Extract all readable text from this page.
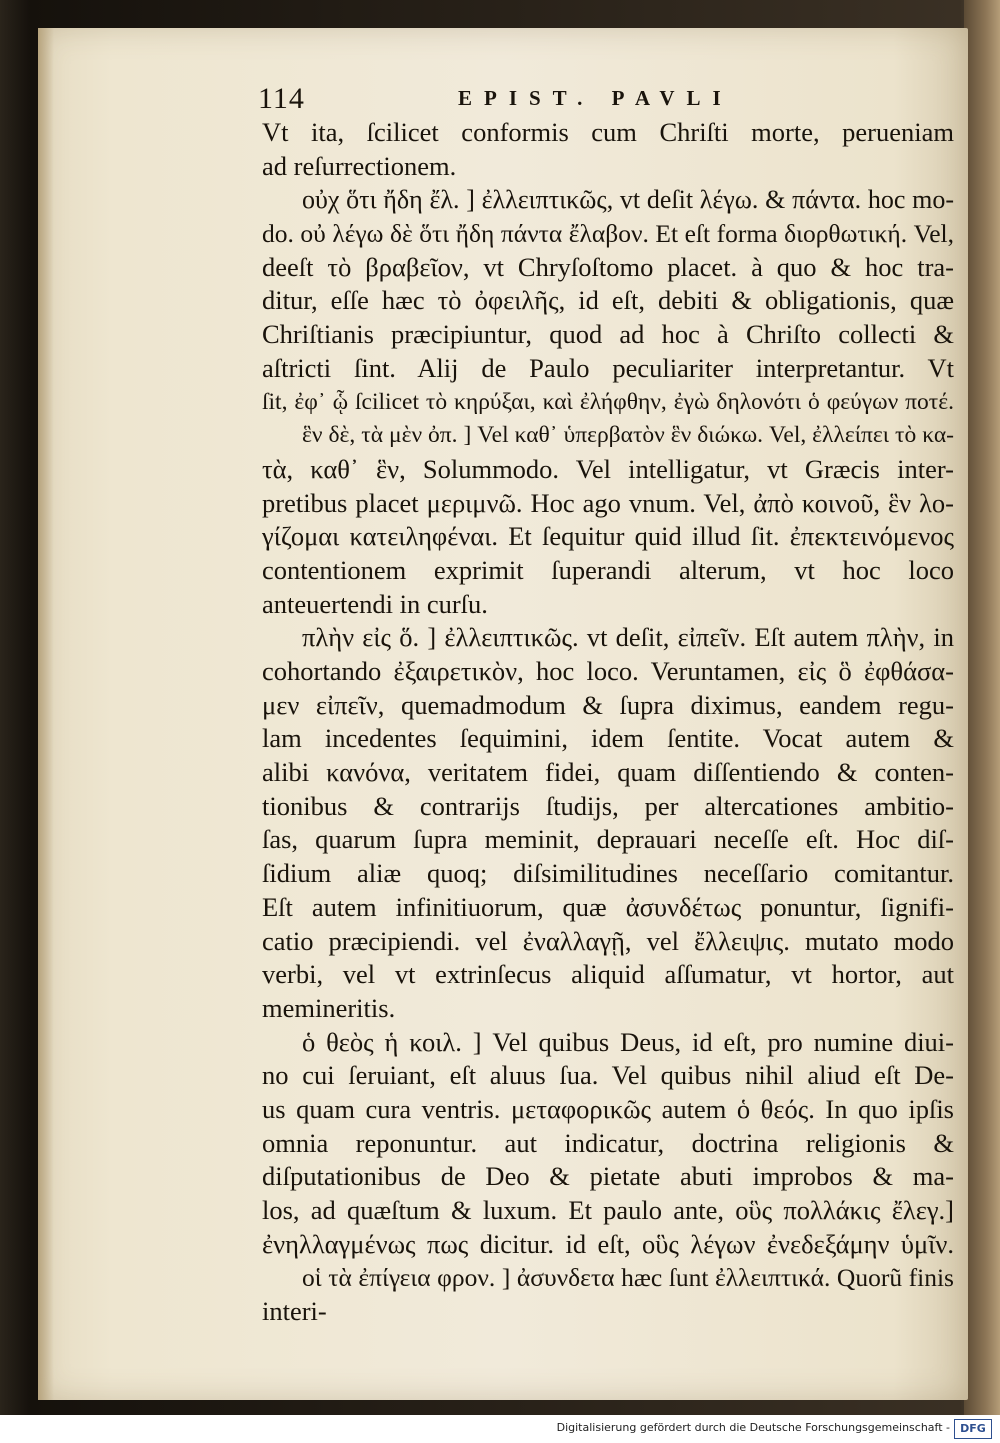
114	EPIST. PAVLI
Vt ita, ſcilicet conformis cum Chriſti morte, perueniam
ad reſurrectionem.
οὐχ ὅτι ἤδη ἔλ. ] ἐλλειπτικῶς, vt deſit λέγω. & πάντα. hoc mo-
do. οὐ λέγω δὲ ὅτι ἤδη πάντα ἔλαβον. Et eſt forma διορθωτική. Vel,
deeſt τὸ βραβεῖον, vt Chryſoſtomo placet. à quo & hoc tra-
ditur, eſſe hæc τὸ ὀφειλῆς, id eſt, debiti & obligationis, quæ
Chriſtianis præcipiuntur, quod ad hoc à Chriſto collecti &
aſtricti ſint. Alij de Paulo peculiariter interpretantur. Vt
ſit, ἐφ᾽ ᾧ ſcilicet τὸ κηρύξαι, καὶ ἐλήφθην, ἐγὼ δηλονότι ὁ φεύγων ποτέ.
ἓν δὲ, τὰ μὲν ὀπ. ] Vel καθ᾽ ὑπερβατὸν ἓν διώκω. Vel, ἐλλείπει τὸ κα-
τὰ, καθ᾽ ἓν, Solummodo. Vel intelligatur, vt Græcis inter-
pretibus placet μεριμνῶ. Hoc ago vnum. Vel, ἀπὸ κοινοῦ, ἓν λο-
γίζομαι κατειληφέναι. Et ſequitur quid illud ſit. ἐπεκτεινόμενος
contentionem exprimit ſuperandi alterum, vt hoc loco
anteuertendi in curſu.
πλὴν εἰς ὅ. ] ἐλλειπτικῶς. vt deſit, εἰπεῖν. Eſt autem πλὴν, in
cohortando ἐξαιρετικὸν, hoc loco. Veruntamen, εἰς ὃ ἐφθάσα-
μεν εἰπεῖν, quemadmodum & ſupra diximus, eandem regu-
lam incedentes ſequimini, idem ſentite. Vocat autem &
alibi κανόνα, veritatem fidei, quam diſſentiendo & conten-
tionibus & contrarijs ſtudijs, per altercationes ambitio-
ſas, quarum ſupra meminit, deprauari neceſſe eſt. Hoc diſ-
ſidium aliæ quoq; diſsimilitudines neceſſario comitantur.
Eſt autem infinitiuorum, quæ ἀσυνδέτως ponuntur, ſignifi-
catio præcipiendi. vel ἐναλλαγῇ, vel ἔλλειψις. mutato modo
verbi, vel vt extrinſecus aliquid aſſumatur, vt hortor, aut
memineritis.
ὁ θεὸς ἡ κοιλ. ] Vel quibus Deus, id eſt, pro numine diui-
no cui ſeruiant, eſt aluus ſua. Vel quibus nihil aliud eſt De-
us quam cura ventris. μεταφορικῶς autem ὁ θεός. In quo ipſis
omnia reponuntur. aut indicatur, doctrina religionis &
diſputationibus de Deo & pietate abuti improbos & ma-
los, ad quæſtum & luxum. Et paulo ante, οὓς πολλάκις ἔλεγ.]
ἐνηλλαγμένως πως dicitur. id eſt, οὓς λέγων ἐνεδεξάμην ὑμῖν.
οἱ τὰ ἐπίγεια φρον. ] ἀσυνδετα hæc ſunt ἐλλειπτικά. Quorũ finis
interi-
Digitalisierung gefördert durch die Deutsche Forschungsgemeinschaft - DFG
